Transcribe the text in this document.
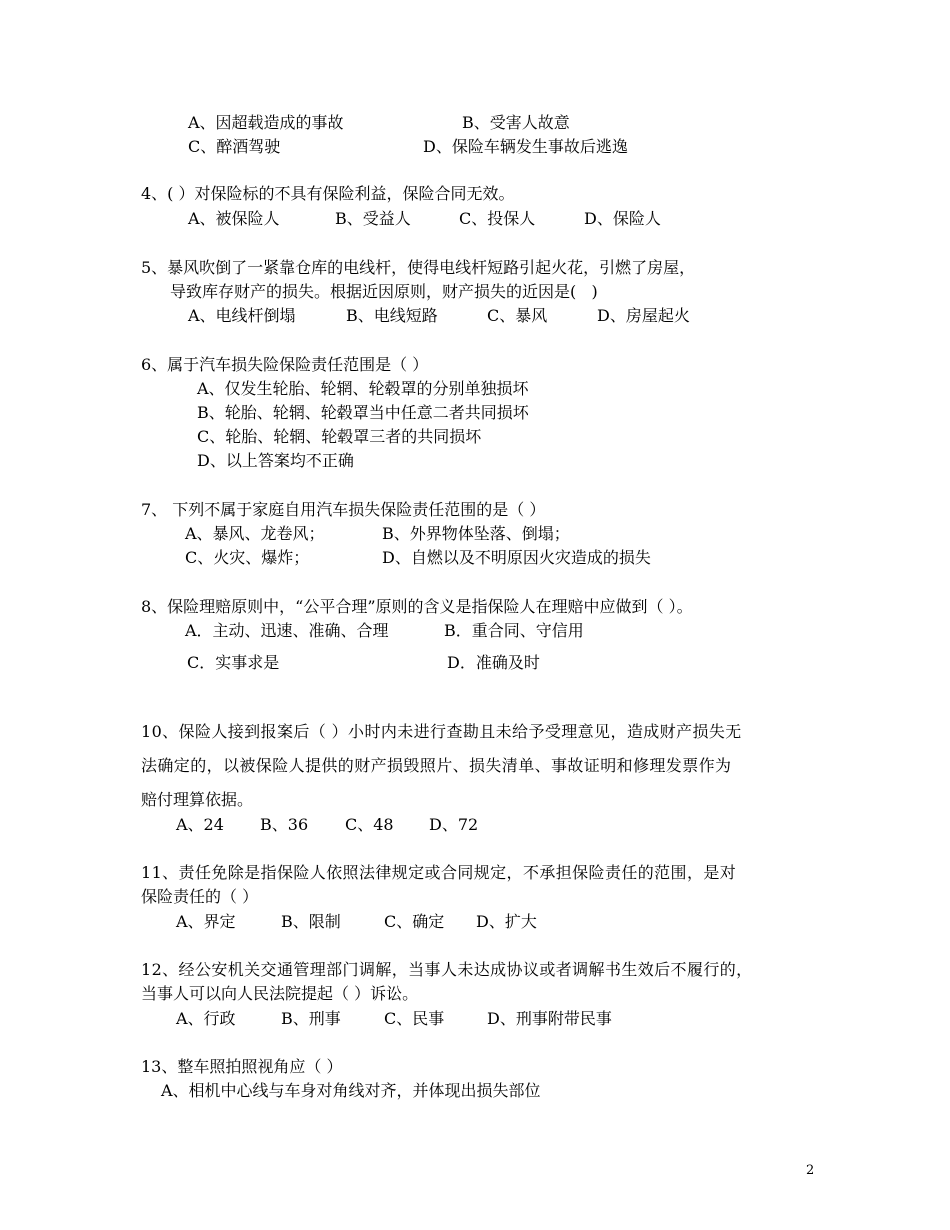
A、因超载造成的事故	B、受害人故意
C、醉酒驾驶	D、保险车辆发生事故后逃逸
4、( ）对保险标的不具有保险利益，保险合同无效。
A、被保险人	B、受益人	C、投保人	D、保险人
5、暴风吹倒了一紧靠仓库的电线杆，使得电线杆短路引起火花，引燃了房屋，
导致库存财产的损失。根据近因原则，财产损失的近因是(   )
A、电线杆倒塌	B、电线短路	C、暴风	D、房屋起火
6、属于汽车损失险保险责任范围是（ ）
A、仅发生轮胎、轮辋、轮毂罩的分别单独损坏
B、轮胎、轮辋、轮毂罩当中任意二者共同损坏
C、轮胎、轮辋、轮毂罩三者的共同损坏
D、以上答案均不正确
7、 下列不属于家庭自用汽车损失保险责任范围的是（ ）
A、暴风、龙卷风；	B、外界物体坠落、倒塌；
C、火灾、爆炸；	D、自燃以及不明原因火灾造成的损失
8、保险理赔原则中，“公平合理”原则的含义是指保险人在理赔中应做到（ ）。
A．主动、迅速、准确、合理	B．重合同、守信用
C．实事求是	D．准确及时
10、保险人接到报案后（ ）小时内未进行查勘且未给予受理意见，造成财产损失无
法确定的，以被保险人提供的财产损毁照片、损失清单、事故证明和修理发票作为
赔付理算依据。
A、24 B、36 C、48 D、72
11、责任免除是指保险人依照法律规定或合同规定，不承担保险责任的范围，是对
保险责任的（ ）
A、界定	B、限制	C、确定 D、扩大
12、经公安机关交通管理部门调解，当事人未达成协议或者调解书生效后不履行的，
当事人可以向人民法院提起（ ）诉讼。
A、行政	B、刑事	C、民事	D、刑事附带民事
13、整车照拍照视角应（ ）
A、相机中心线与车身对角线对齐，并体现出损失部位
2
